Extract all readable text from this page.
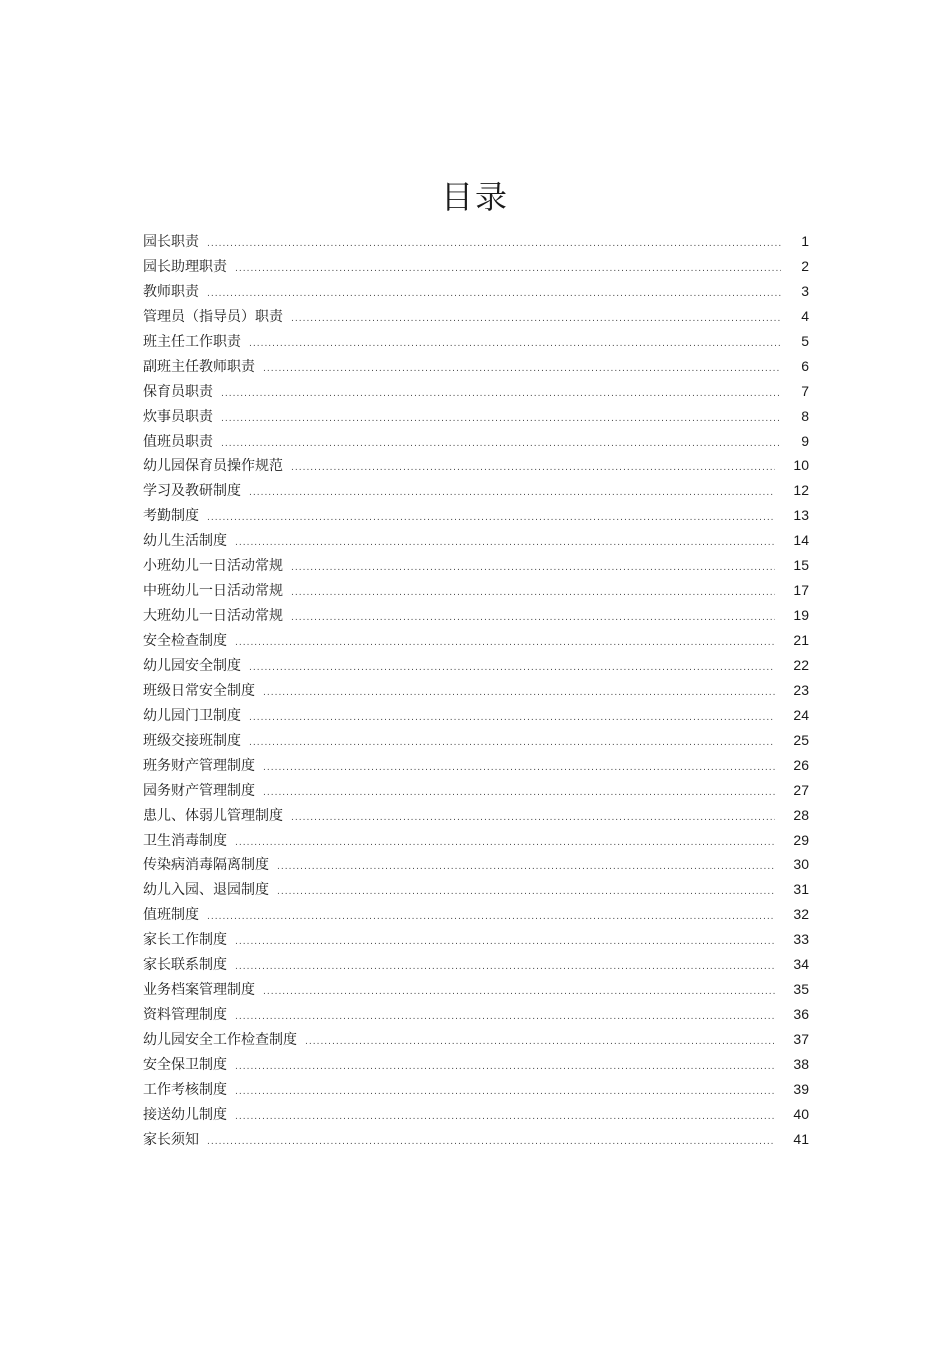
目录
园长职责 .....	1
园长助理职责 .....	2
教师职责 .....	3
管理员（指导员）职责 .....	4
班主任工作职责 .....	5
副班主任教师职责 .....	6
保育员职责 .....	7
炊事员职责 .....	8
值班员职责 .....	9
幼儿园保育员操作规范 .....	10
学习及教研制度 .....	12
考勤制度 .....	13
幼儿生活制度 .....	14
小班幼儿一日活动常规 .....	15
中班幼儿一日活动常规 .....	17
大班幼儿一日活动常规 .....	19
安全检查制度 .....	21
幼儿园安全制度 .....	22
班级日常安全制度 .....	23
幼儿园门卫制度 .....	24
班级交接班制度 .....	25
班务财产管理制度 .....	26
园务财产管理制度 .....	27
患儿、体弱儿管理制度 .....	28
卫生消毒制度 .....	29
传染病消毒隔离制度 .....	30
幼儿入园、退园制度 .....	31
值班制度 .....	32
家长工作制度 .....	33
家长联系制度 .....	34
业务档案管理制度 .....	35
资料管理制度 .....	36
幼儿园安全工作检查制度 .....	37
安全保卫制度 .....	38
工作考核制度 .....	39
接送幼儿制度 .....	40
家长须知 .....	41
